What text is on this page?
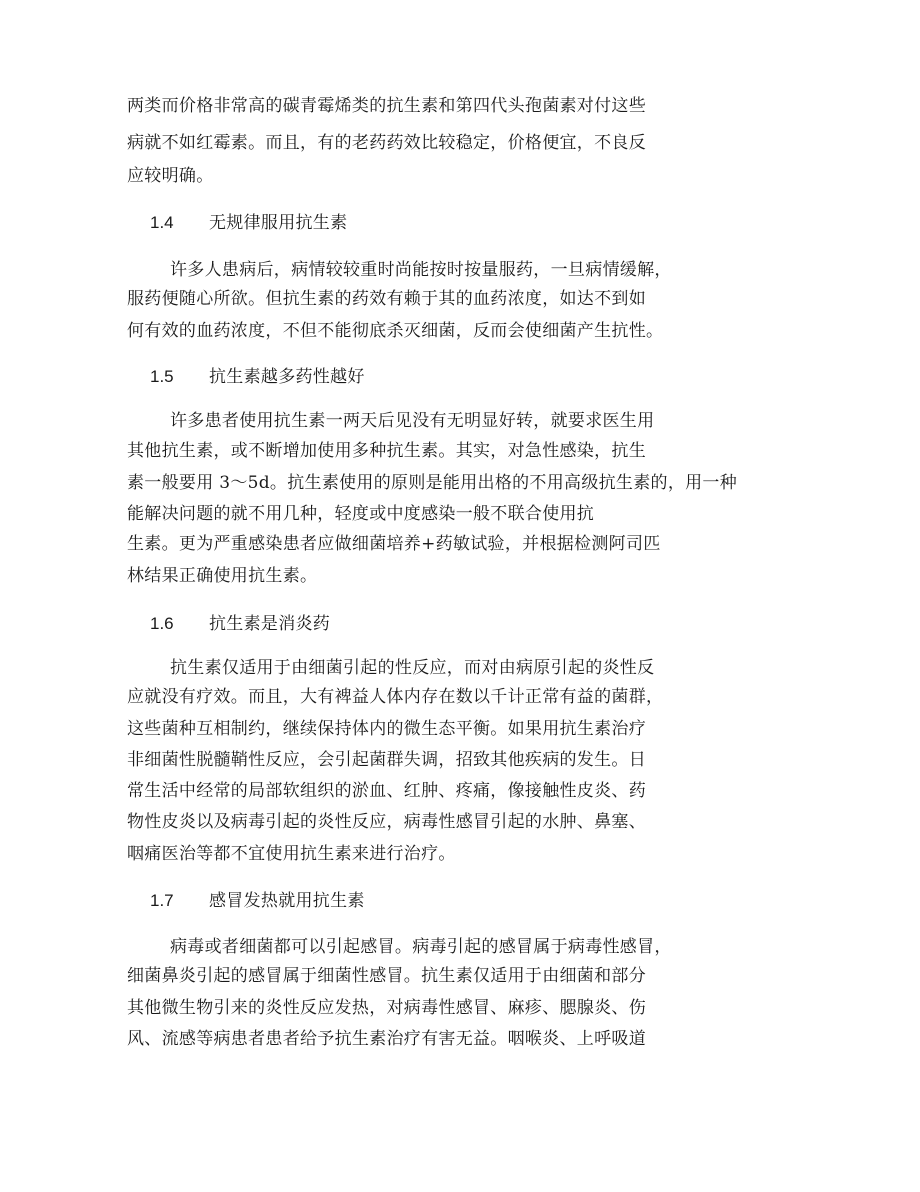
两类而价格非常高的碳青霉烯类的抗生素和第四代头孢菌素对付这些
病就不如红霉素。而且，有的老药药效比较稳定，价格便宜，不良反
应较明确。
1.4 无规律服用抗生素
许多人患病后，病情较较重时尚能按时按量服药，一旦病情缓解，
服药便随心所欲。但抗生素的药效有赖于其的血药浓度，如达不到如
何有效的血药浓度，不但不能彻底杀灭细菌，反而会使细菌产生抗性。
1.5 抗生素越多药性越好
许多患者使用抗生素一两天后见没有无明显好转，就要求医生用
其他抗生素，或不断增加使用多种抗生素。其实，对急性感染，抗生
素一般要用 3～5d。抗生素使用的原则是能用出格的不用高级抗生素的，用一种
能解决问题的就不用几种，轻度或中度感染一般不联合使用抗
生素。更为严重感染患者应做细菌培养+药敏试验，并根据检测阿司匹
林结果正确使用抗生素。
1.6 抗生素是消炎药
抗生素仅适用于由细菌引起的性反应，而对由病原引起的炎性反
应就没有疗效。而且，大有裨益人体内存在数以千计正常有益的菌群，
这些菌种互相制约，继续保持体内的微生态平衡。如果用抗生素治疗
非细菌性脱髓鞘性反应，会引起菌群失调，招致其他疾病的发生。日
常生活中经常的局部软组织的淤血、红肿、疼痛，像接触性皮炎、药
物性皮炎以及病毒引起的炎性反应，病毒性感冒引起的水肿、鼻塞、
咽痛医治等都不宜使用抗生素来进行治疗。
1.7 感冒发热就用抗生素
病毒或者细菌都可以引起感冒。病毒引起的感冒属于病毒性感冒，
细菌鼻炎引起的感冒属于细菌性感冒。抗生素仅适用于由细菌和部分
其他微生物引来的炎性反应发热，对病毒性感冒、麻疹、腮腺炎、伤
风、流感等病患者患者给予抗生素治疗有害无益。咽喉炎、上呼吸道
